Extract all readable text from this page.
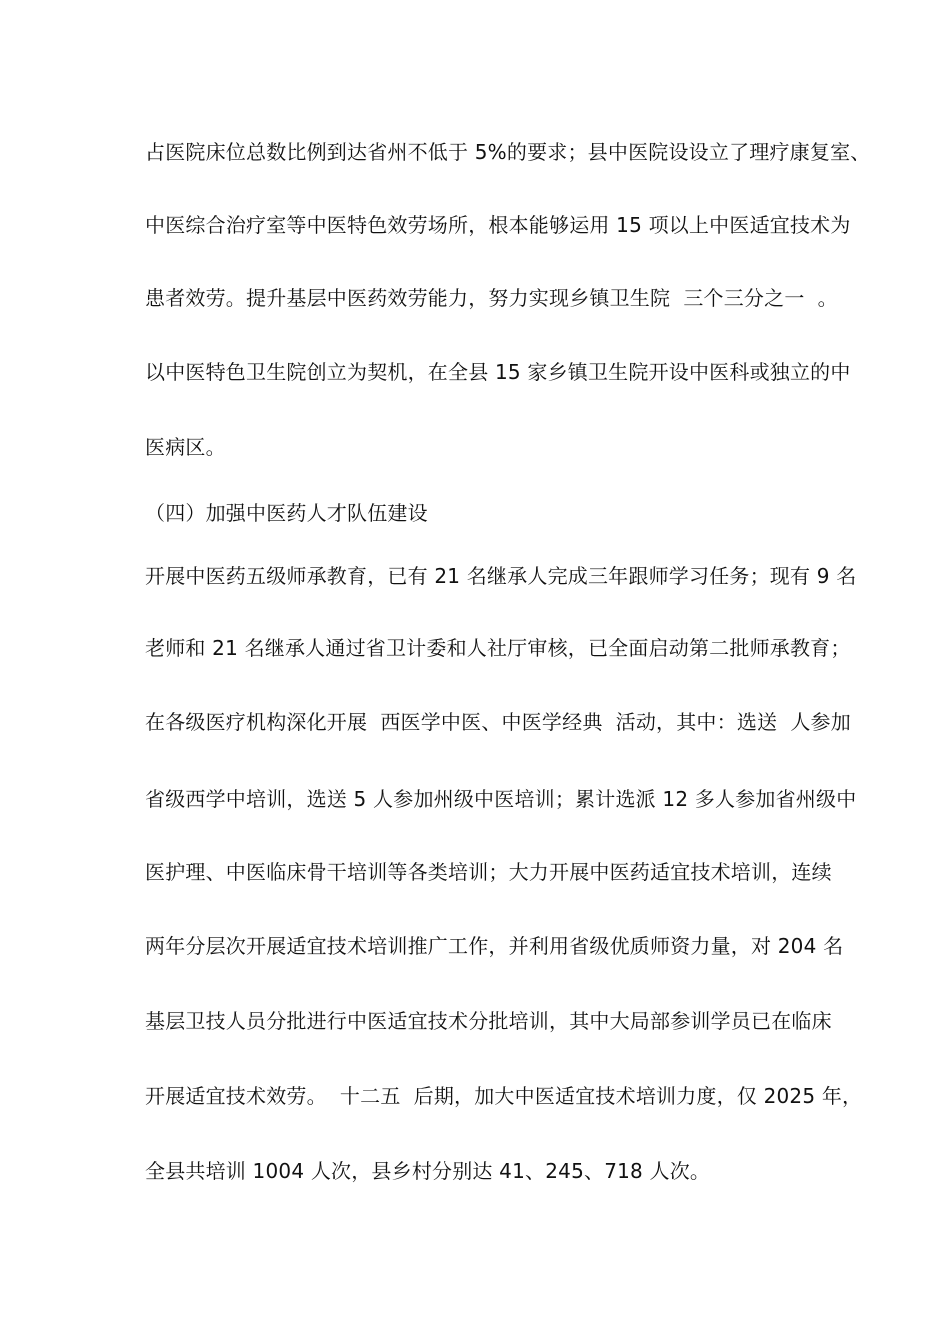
占医院床位总数比例到达省州不低于 5%的要求；县中医院设设立了理疗康复室、
中医综合治疗室等中医特色效劳场所，根本能够运用 15 项以上中医适宜技术为
患者效劳。提升基层中医药效劳能力，努力实现乡镇卫生院  三个三分之一  。
以中医特色卫生院创立为契机，在全县 15 家乡镇卫生院开设中医科或独立的中
医病区。
（四）加强中医药人才队伍建设
开展中医药五级师承教育，已有 21 名继承人完成三年跟师学习任务；现有 9 名
老师和 21 名继承人通过省卫计委和人社厅审核，已全面启动第二批师承教育；
在各级医疗机构深化开展  西医学中医、中医学经典  活动，其中：选送  人参加
省级西学中培训，选送 5 人参加州级中医培训；累计选派 12 多人参加省州级中
医护理、中医临床骨干培训等各类培训；大力开展中医药适宜技术培训，连续
两年分层次开展适宜技术培训推广工作，并利用省级优质师资力量，对 204 名
基层卫技人员分批进行中医适宜技术分批培训，其中大局部参训学员已在临床
开展适宜技术效劳。  十二五  后期，加大中医适宜技术培训力度，仅 2025 年，
全县共培训 1004 人次，县乡村分别达 41、245、718 人次。
